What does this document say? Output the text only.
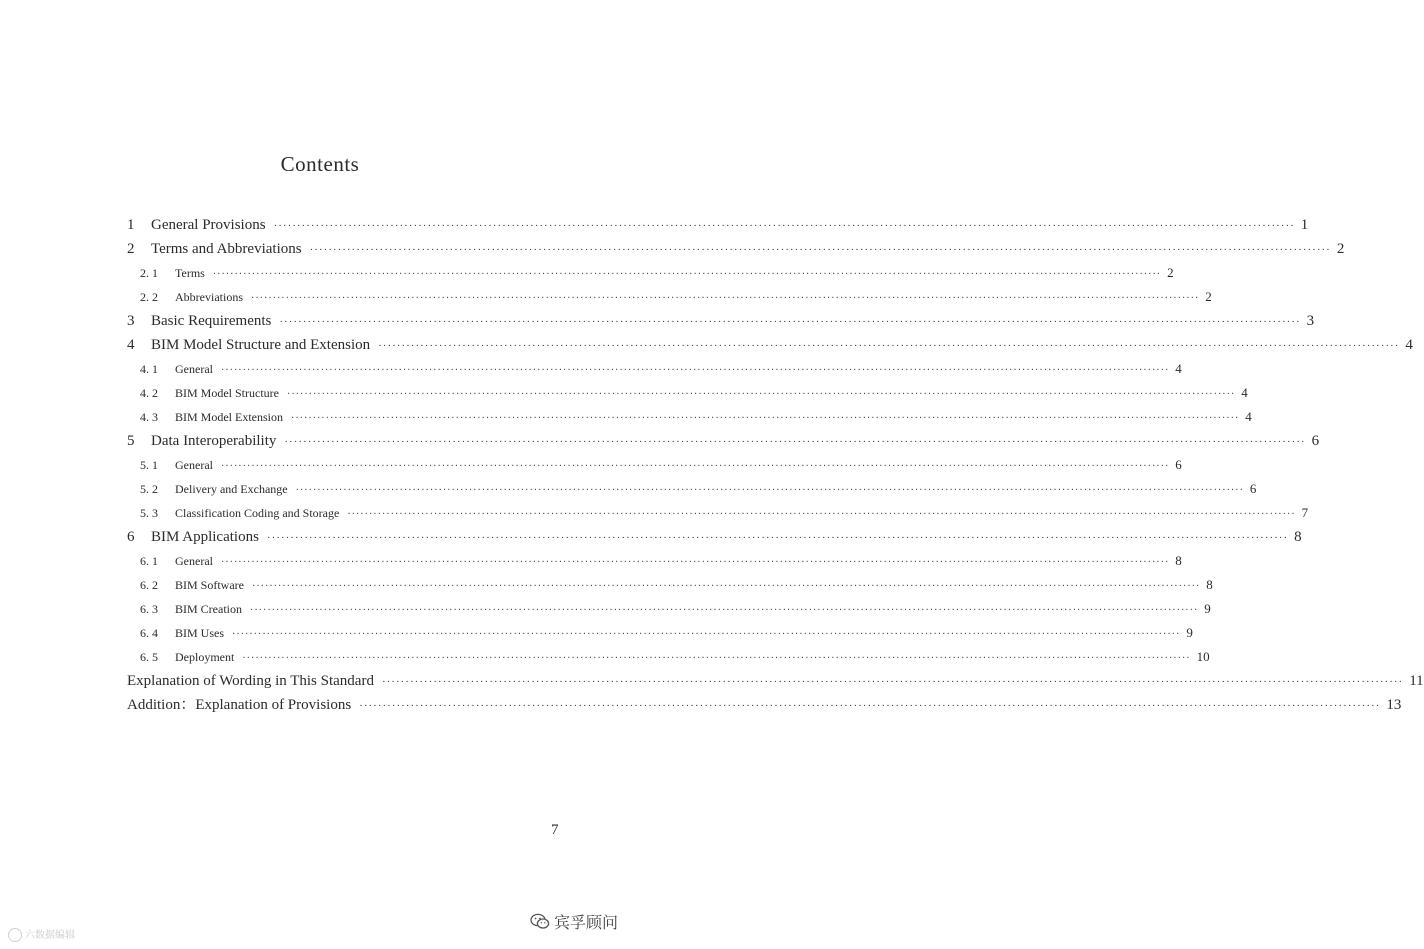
Contents
1	General Provisions ··························································································································································································································· 1
2	Terms and Abbreviations ··························································································································································································································· 2
2. 1	Terms ··························································································································································································································· 2
2. 2	Abbreviations ··························································································································································································································· 2
3	Basic Requirements ··························································································································································································································· 3
4	BIM Model Structure and Extension ··························································································································································································································· 4
4. 1	General ··························································································································································································································· 4
4. 2	BIM Model Structure ··························································································································································································································· 4
4. 3	BIM Model Extension ··························································································································································································································· 4
5	Data Interoperability ··························································································································································································································· 6
5. 1	General ··························································································································································································································· 6
5. 2	Delivery and Exchange ··························································································································································································································· 6
5. 3	Classification Coding and Storage ··························································································································································································································· 7
6	BIM Applications ··························································································································································································································· 8
6. 1	General ··························································································································································································································· 8
6. 2	BIM Software ··························································································································································································································· 8
6. 3	BIM Creation ··························································································································································································································· 9
6. 4	BIM Uses ··························································································································································································································· 9
6. 5	Deployment ··························································································································································································································· 10
Explanation of Wording in This Standard ··························································································································································································································· 11
Addition：Explanation of Provisions ··························································································································································································································· 13
7
六数据编辑
宾孚顾问
